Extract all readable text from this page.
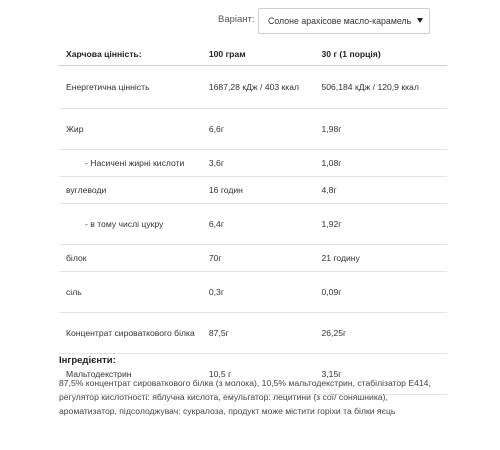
Варіант:	Солоне арахісове масло-карамель
Харчова цінність:	100 грам	30 г (1 порція)
Енергетична цінність	1687,28 кДж / 403 ккал	506,184 кДж / 120,9 ккал
Жир	6,6г	1,98г
- Насичені жирні кислоти	3,6г	1,08г
вуглеводи	16 годин	4,8г
- в тому числі цукру	6,4г	1,92г
білок	70г	21 годину
сіль	0,3г	0,09г
Концентрат сироваткового білка	87,5г	26,25г
Мальтодекстрин	10,5 г	3,15г
Інгредієнти:
87,5% концентрат сироваткового білка (з молока), 10,5% мальтодекстрин, стабілізатор E414, регулятор кислотності: яблучна кислота, емульгатор: лецитини (з сої/ соняшника), ароматизатор, підсолоджувач: сукралоза, продукт може містити горіхи та білки яєць
